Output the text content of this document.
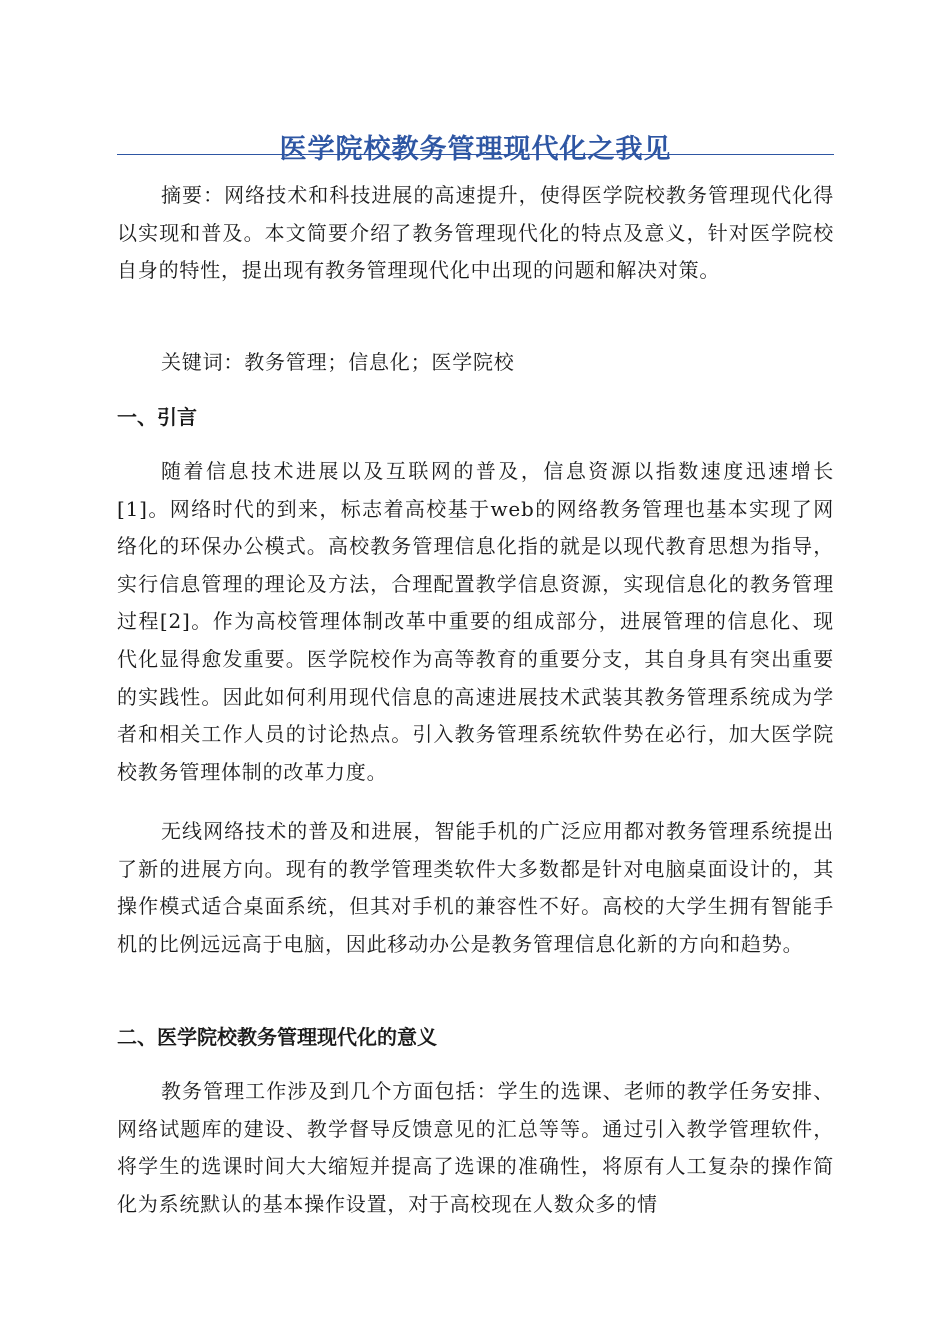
医学院校教务管理现代化之我见

摘要：网络技术和科技进展的高速提升，使得医学院校教务管理现代化得以实现和普及。本文简要介绍了教务管理现代化的特点及意义，针对医学院校自身的特性，提出现有教务管理现代化中出现的问题和解决对策。

关键词：教务管理；信息化；医学院校

一、引言

随着信息技术进展以及互联网的普及，信息资源以指数速度迅速增长[1]。网络时代的到来，标志着高校基于web的网络教务管理也基本实现了网络化的环保办公模式。高校教务管理信息化指的就是以现代教育思想为指导，实行信息管理的理论及方法，合理配置教学信息资源，实现信息化的教务管理过程[2]。作为高校管理体制改革中重要的组成部分，进展管理的信息化、现代化显得愈发重要。医学院校作为高等教育的重要分支，其自身具有突出重要的实践性。因此如何利用现代信息的高速进展技术武装其教务管理系统成为学者和相关工作人员的讨论热点。引入教务管理系统软件势在必行，加大医学院校教务管理体制的改革力度。

无线网络技术的普及和进展，智能手机的广泛应用都对教务管理系统提出了新的进展方向。现有的教学管理类软件大多数都是针对电脑桌面设计的，其操作模式适合桌面系统，但其对手机的兼容性不好。高校的大学生拥有智能手机的比例远远高于电脑，因此移动办公是教务管理信息化新的方向和趋势。

二、医学院校教务管理现代化的意义

教务管理工作涉及到几个方面包括：学生的选课、老师的教学任务安排、网络试题库的建设、教学督导反馈意见的汇总等等。通过引入教学管理软件，将学生的选课时间大大缩短并提高了选课的准确性，将原有人工复杂的操作简化为系统默认的基本操作设置，对于高校现在人数众多的情
